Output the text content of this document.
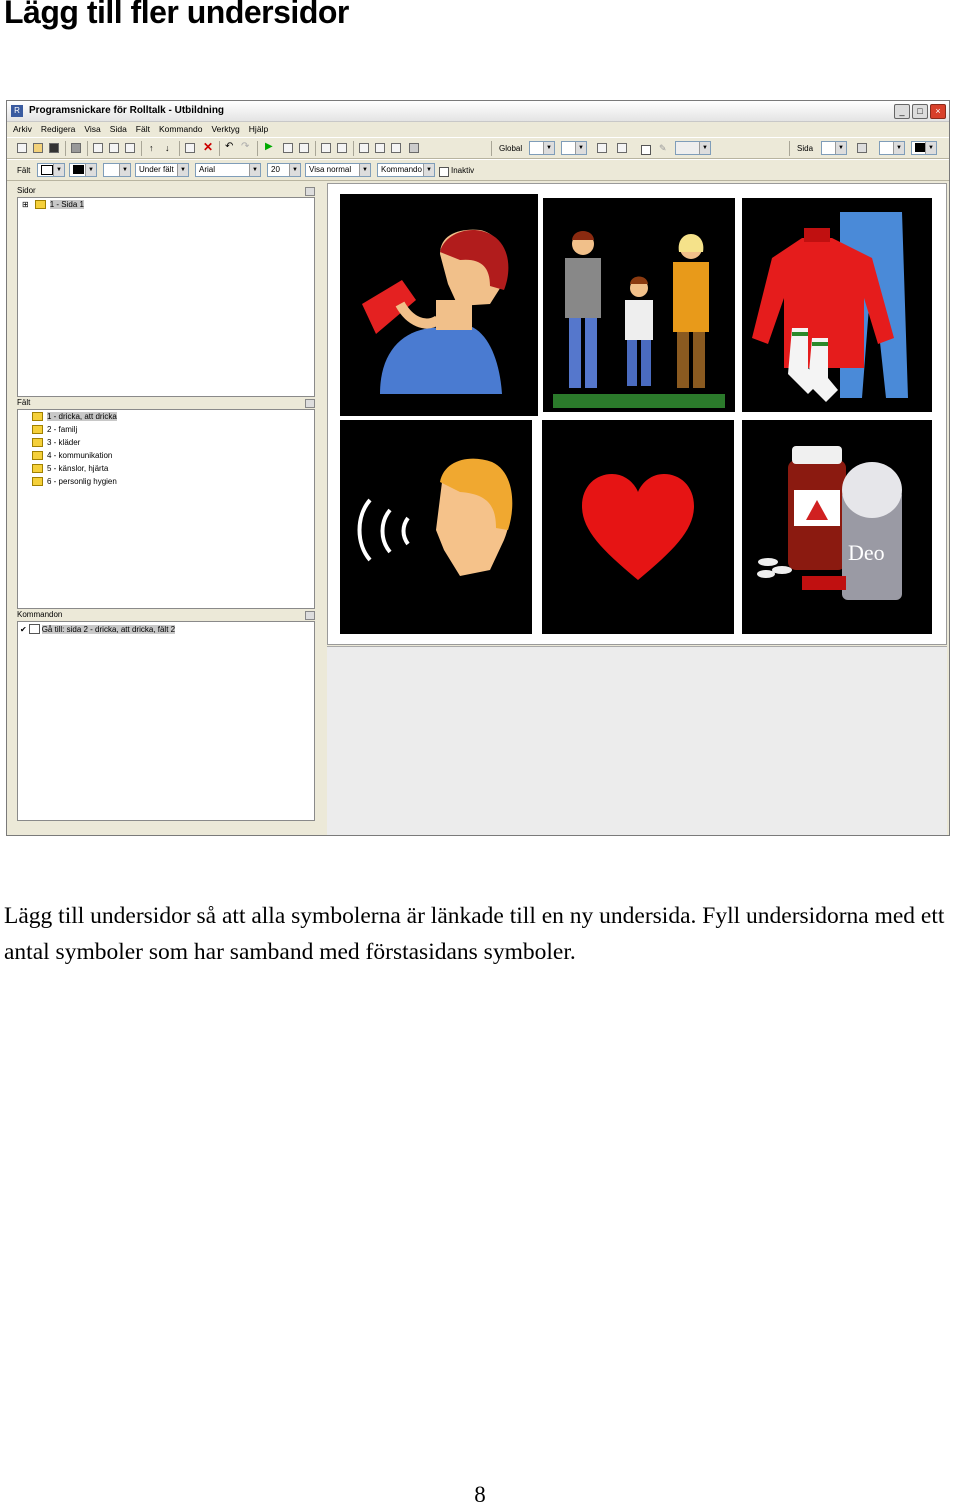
Lägg till fler undersidor
R Programsnickare för Rolltalk - Utbildning	_	□	×
Arkiv Redigera Visa Sida Fält Kommando Verktyg Hjälp
↑	↓	✕ ↶ ↷ ▶	Global	▼	▼	✎	▼	Sida	▼	▼	▼
Fält	▼	▼	▼	Under fält	▼	Arial	▼	20	▼	Visa normal	▼	Kommando ▼ Inaktiv
Sidor
⊞	1 - Sida 1
Fält
1 - dricka, att dricka
2 - familj
3 - kläder
4 - kommunikation
5 - känslor, hjärta
6 - personlig hygien
Kommandon
✔ Gå till: sida 2 - dricka, att dricka, fält 2
Deo
Lägg till undersidor så att alla symbolerna är länkade till en ny undersida. Fyll undersidorna med ett antal symboler som har samband med förstasidans symboler.
8
